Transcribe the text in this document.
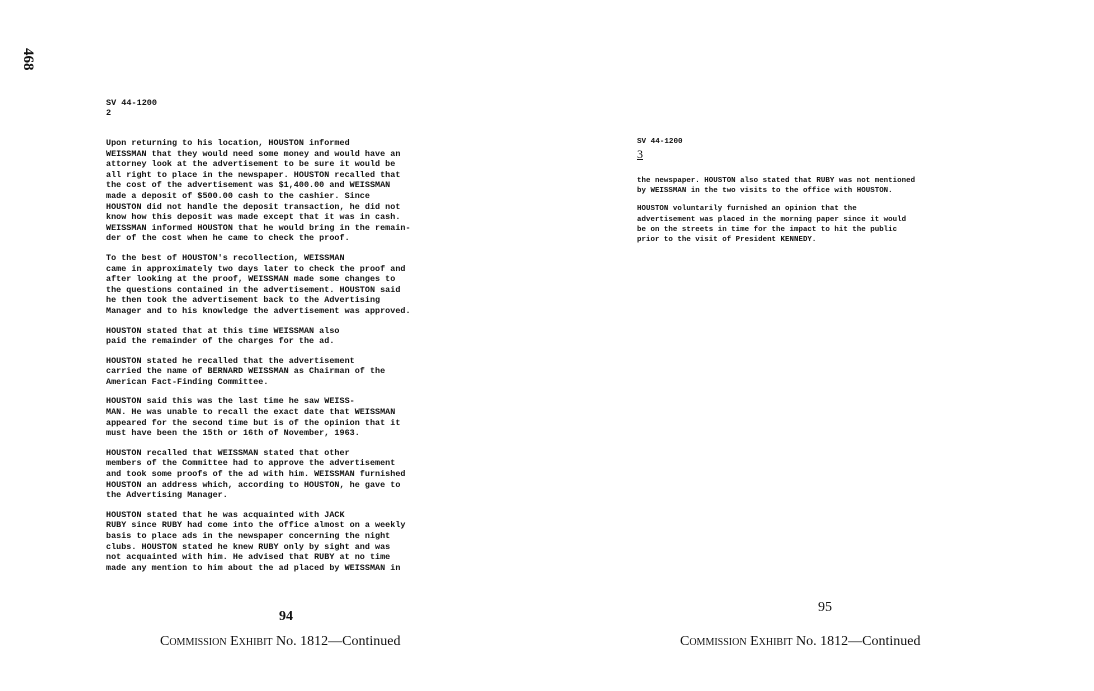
468
SV 44-1200
2

Upon returning to his location, HOUSTON informed
WEISSMAN that they would need some money and would have an
attorney look at the advertisement to be sure it would be
all right to place in the newspaper. HOUSTON recalled that
the cost of the advertisement was $1,400.00 and WEISSMAN
made a deposit of $500.00 cash to the cashier. Since
HOUSTON did not handle the deposit transaction, he did not
know how this deposit was made except that it was in cash.
WEISSMAN informed HOUSTON that he would bring in the remain-
der of the cost when he came to check the proof.

To the best of HOUSTON's recollection, WEISSMAN
came in approximately two days later to check the proof and
after looking at the proof, WEISSMAN made some changes to
the questions contained in the advertisement. HOUSTON said
he then took the advertisement back to the Advertising
Manager and to his knowledge the advertisement was approved.

HOUSTON stated that at this time WEISSMAN also
paid the remainder of the charges for the ad.

HOUSTON stated he recalled that the advertisement
carried the name of BERNARD WEISSMAN as Chairman of the
American Fact-Finding Committee.

HOUSTON said this was the last time he saw WEISS-
MAN. He was unable to recall the exact date that WEISSMAN
appeared for the second time but is of the opinion that it
must have been the 15th or 16th of November, 1963.

HOUSTON recalled that WEISSMAN stated that other
members of the Committee had to approve the advertisement
and took some proofs of the ad with him. WEISSMAN furnished
HOUSTON an address which, according to HOUSTON, he gave to
the Advertising Manager.

HOUSTON stated that he was acquainted with JACK
RUBY since RUBY had come into the office almost on a weekly
basis to place ads in the newspaper concerning the night
clubs. HOUSTON stated he knew RUBY only by sight and was
not acquainted with him. He advised that RUBY at no time
made any mention to him about the ad placed by WEISSMAN in

94
Commission Exhibit No. 1812—Continued
SV 44-1200
3

the newspaper. HOUSTON also stated that RUBY was not mentioned
by WEISSMAN in the two visits to the office with HOUSTON.

HOUSTON voluntarily furnished an opinion that the
advertisement was placed in the morning paper since it would
be on the streets in time for the impact to hit the public
prior to the visit of President KENNEDY.

95
Commission Exhibit No. 1812—Continued
